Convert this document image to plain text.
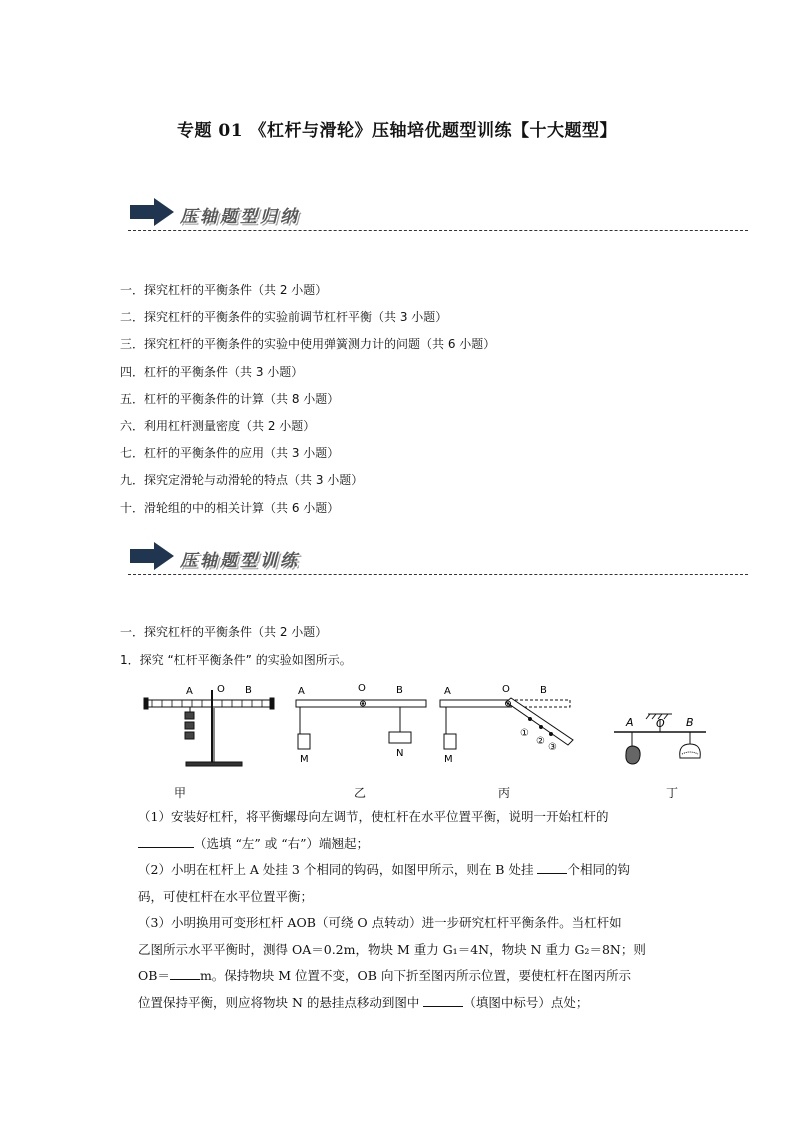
专题 01 《杠杆与滑轮》压轴培优题型训练【十大题型】
压轴题型归纳
一．探究杠杆的平衡条件（共 2 小题）
二．探究杠杆的平衡条件的实验前调节杠杆平衡（共 3 小题）
三．探究杠杆的平衡条件的实验中使用弹簧测力计的问题（共 6 小题）
四．杠杆的平衡条件（共 3 小题）
五．杠杆的平衡条件的计算（共 8 小题）
六．利用杠杆测量密度（共 2 小题）
七．杠杆的平衡条件的应用（共 3 小题）
九．探究定滑轮与动滑轮的特点（共 3 小题）
十．滑轮组的中的相关计算（共 6 小题）
压轴题型训练
一．探究杠杆的平衡条件（共 2 小题）
1．探究 “杠杆平衡条件” 的实验如图所示。
A O B	A	O	B
M
N
A	O	B
M
①
②
③
A O B
甲	乙	丙	丁
（1）安装好杠杆，将平衡螺母向左调节，使杠杆在水平位置平衡，说明一开始杠杆的
（选填 “左” 或 “右”）端翘起；
（2）小明在杠杆上 A 处挂 3 个相同的钩码，如图甲所示，则在 B 处挂	个相同的钩
码，可使杠杆在水平位置平衡；
（3）小明换用可变形杠杆 AOB（可绕 O 点转动）进一步研究杠杆平衡条件。当杠杆如
乙图所示水平平衡时，测得 OA＝0.2m，物块 M 重力 G₁＝4N，物块 N 重力 G₂＝8N；则
OB＝ m。保持物块 M 位置不变，OB 向下折至图丙所示位置，要使杠杆在图丙所示
位置保持平衡，则应将物块 N 的悬挂点移动到图中	（填图中标号）点处；
